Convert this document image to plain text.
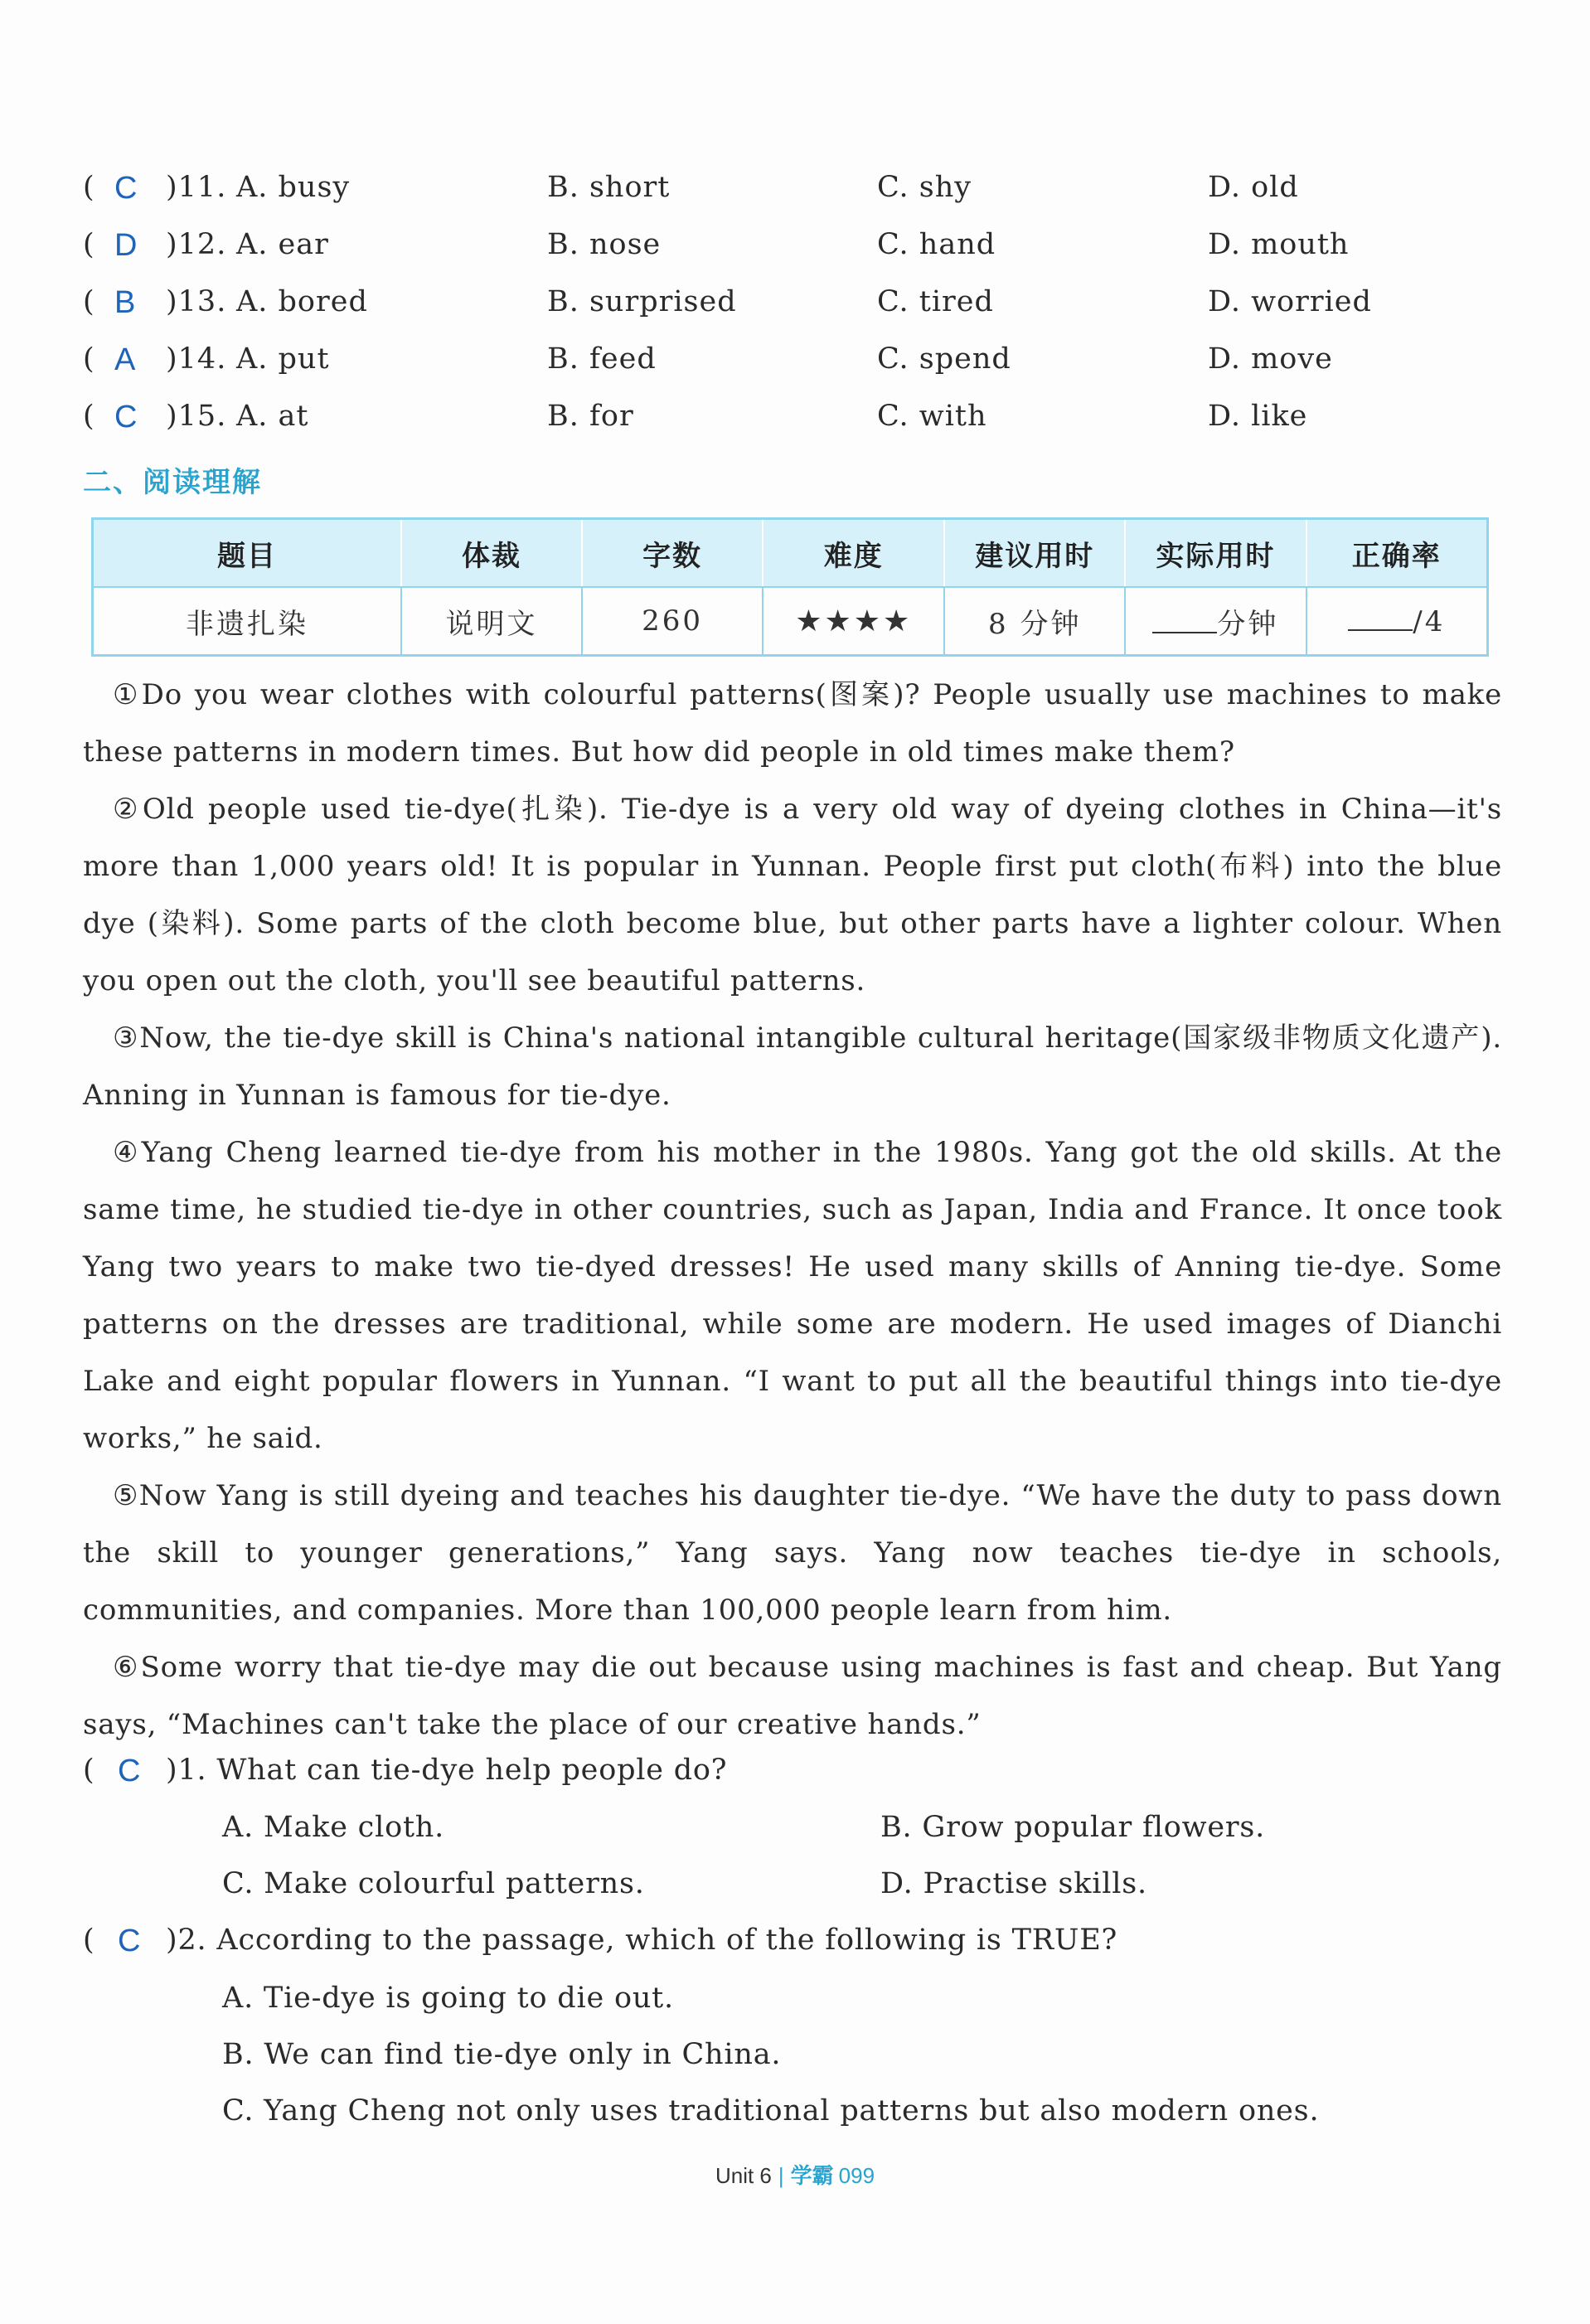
( C )11. A. busy	B. short	C. shy	D. old
( D )12. A. ear	B. nose	C. hand	D. mouth
( B )13. A. bored	B. surprised	C. tired	D. worried
( A )14. A. put	B. feed	C. spend	D. move
( C )15. A. at	B. for	C. with	D. like
二、阅读理解
题目	体裁	字数	难度	建议用时	实际用时	正确率
非遗扎染	说明文	260	★★★★	8 分钟	分钟	/4

①Do you wear clothes with colourful patterns(图案)? People usually use machines to make these patterns in modern times. But how did people in old times make them?

②Old people used tie-dye(扎染). Tie-dye is a very old way of dyeing clothes in China—it's more than 1,000 years old! It is popular in Yunnan. People first put cloth(布料) into the blue dye (染料). Some parts of the cloth become blue, but other parts have a lighter colour. When you open out the cloth, you'll see beautiful patterns.

③Now, the tie-dye skill is China's national intangible cultural heritage(国家级非物质文化遗产). Anning in Yunnan is famous for tie-dye.

④Yang Cheng learned tie-dye from his mother in the 1980s. Yang got the old skills. At the same time, he studied tie-dye in other countries, such as Japan, India and France. It once took Yang two years to make two tie-dyed dresses! He used many skills of Anning tie-dye. Some patterns on the dresses are traditional, while some are modern. He used images of Dianchi Lake and eight popular flowers in Yunnan. “I want to put all the beautiful things into tie-dye works,” he said.

⑤Now Yang is still dyeing and teaches his daughter tie-dye. “We have the duty to pass down the skill to younger generations,” Yang says. Yang now teaches tie-dye in schools, communities, and companies. More than 100,000 people learn from him.

⑥Some worry that tie-dye may die out because using machines is fast and cheap. But Yang says, “Machines can't take the place of our creative hands.”

( C )1. What can tie-dye help people do?
A. Make cloth.	B. Grow popular flowers.
C. Make colourful patterns.	D. Practise skills.
( C )2. According to the passage, which of the following is TRUE?
A. Tie-dye is going to die out.
B. We can find tie-dye only in China.
C. Yang Cheng not only uses traditional patterns but also modern ones.
Unit 6 | 学霸 099
